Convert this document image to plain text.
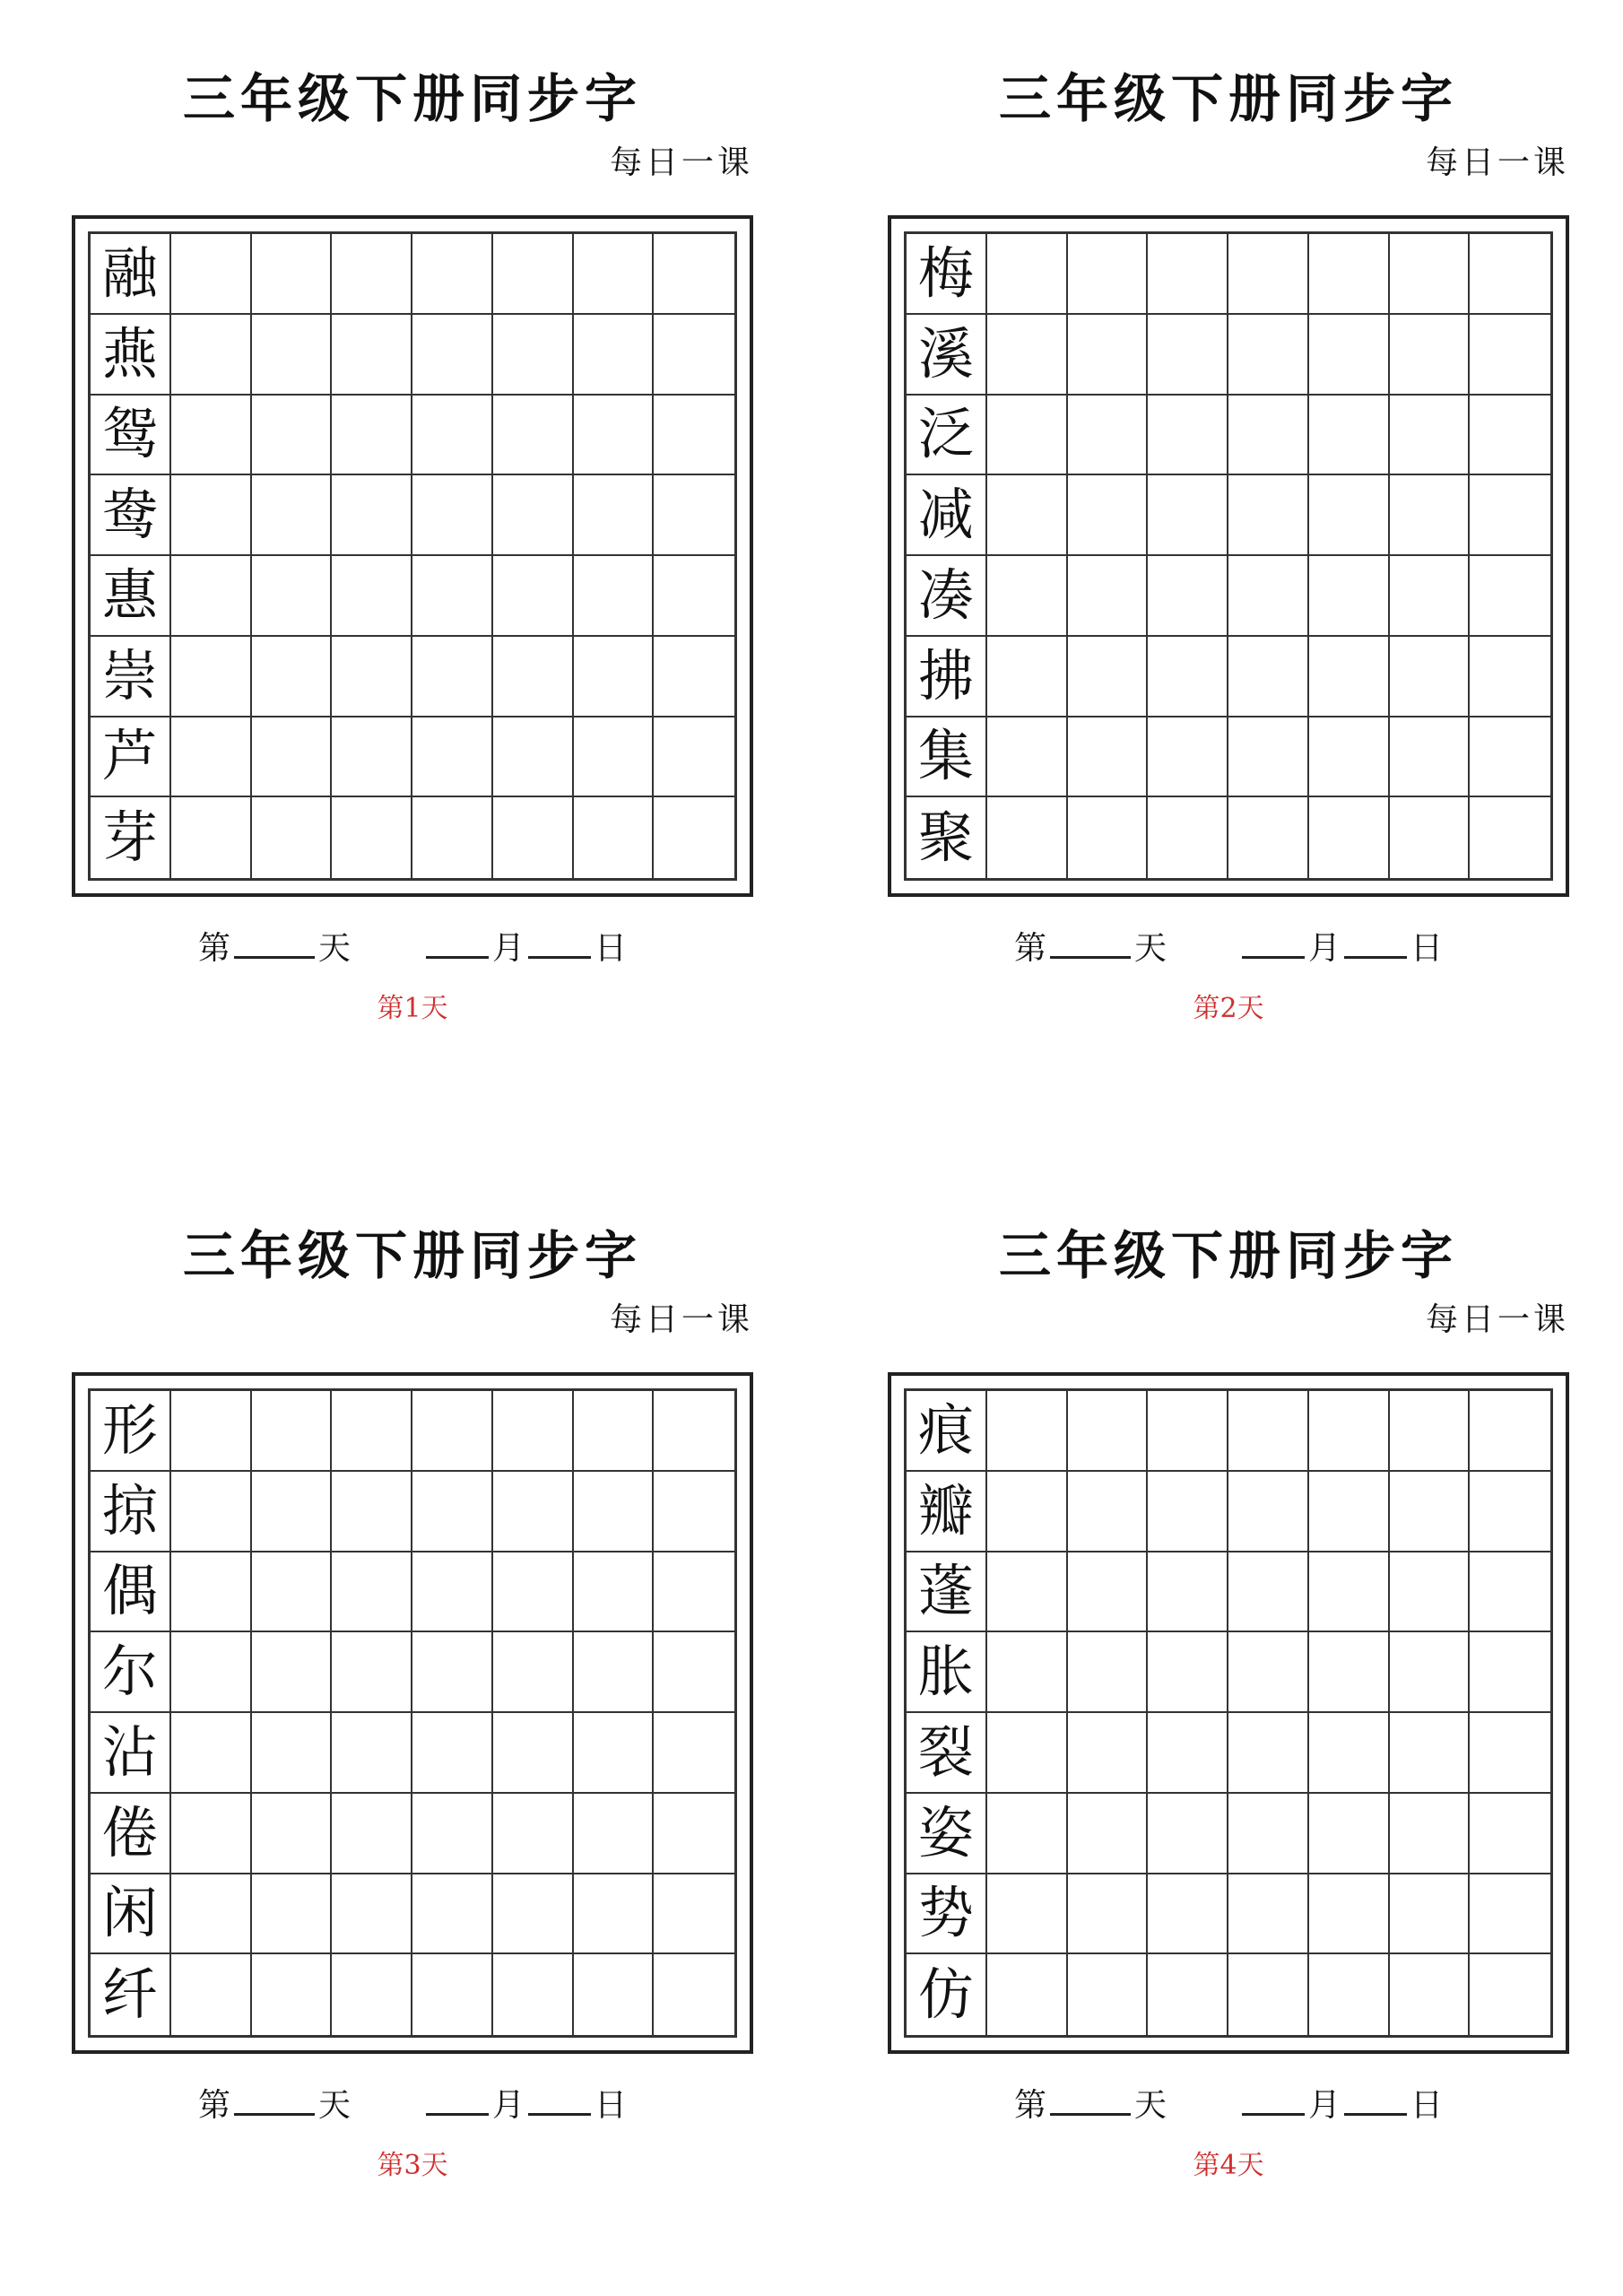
三年级下册同步字
每日一课
融
燕
鸳
鸯
惠
崇
芦
芽
第	天	月 日
第1天
三年级下册同步字
每日一课
梅
溪
泛
减
凑
拂
集
聚
第	天	月 日
第2天
三年级下册同步字
每日一课
形
掠
偶
尔
沾
倦
闲
纤
第	天	月 日
第3天
三年级下册同步字
每日一课
痕
瓣
蓬
胀
裂
姿
势
仿
第	天	月 日
第4天
